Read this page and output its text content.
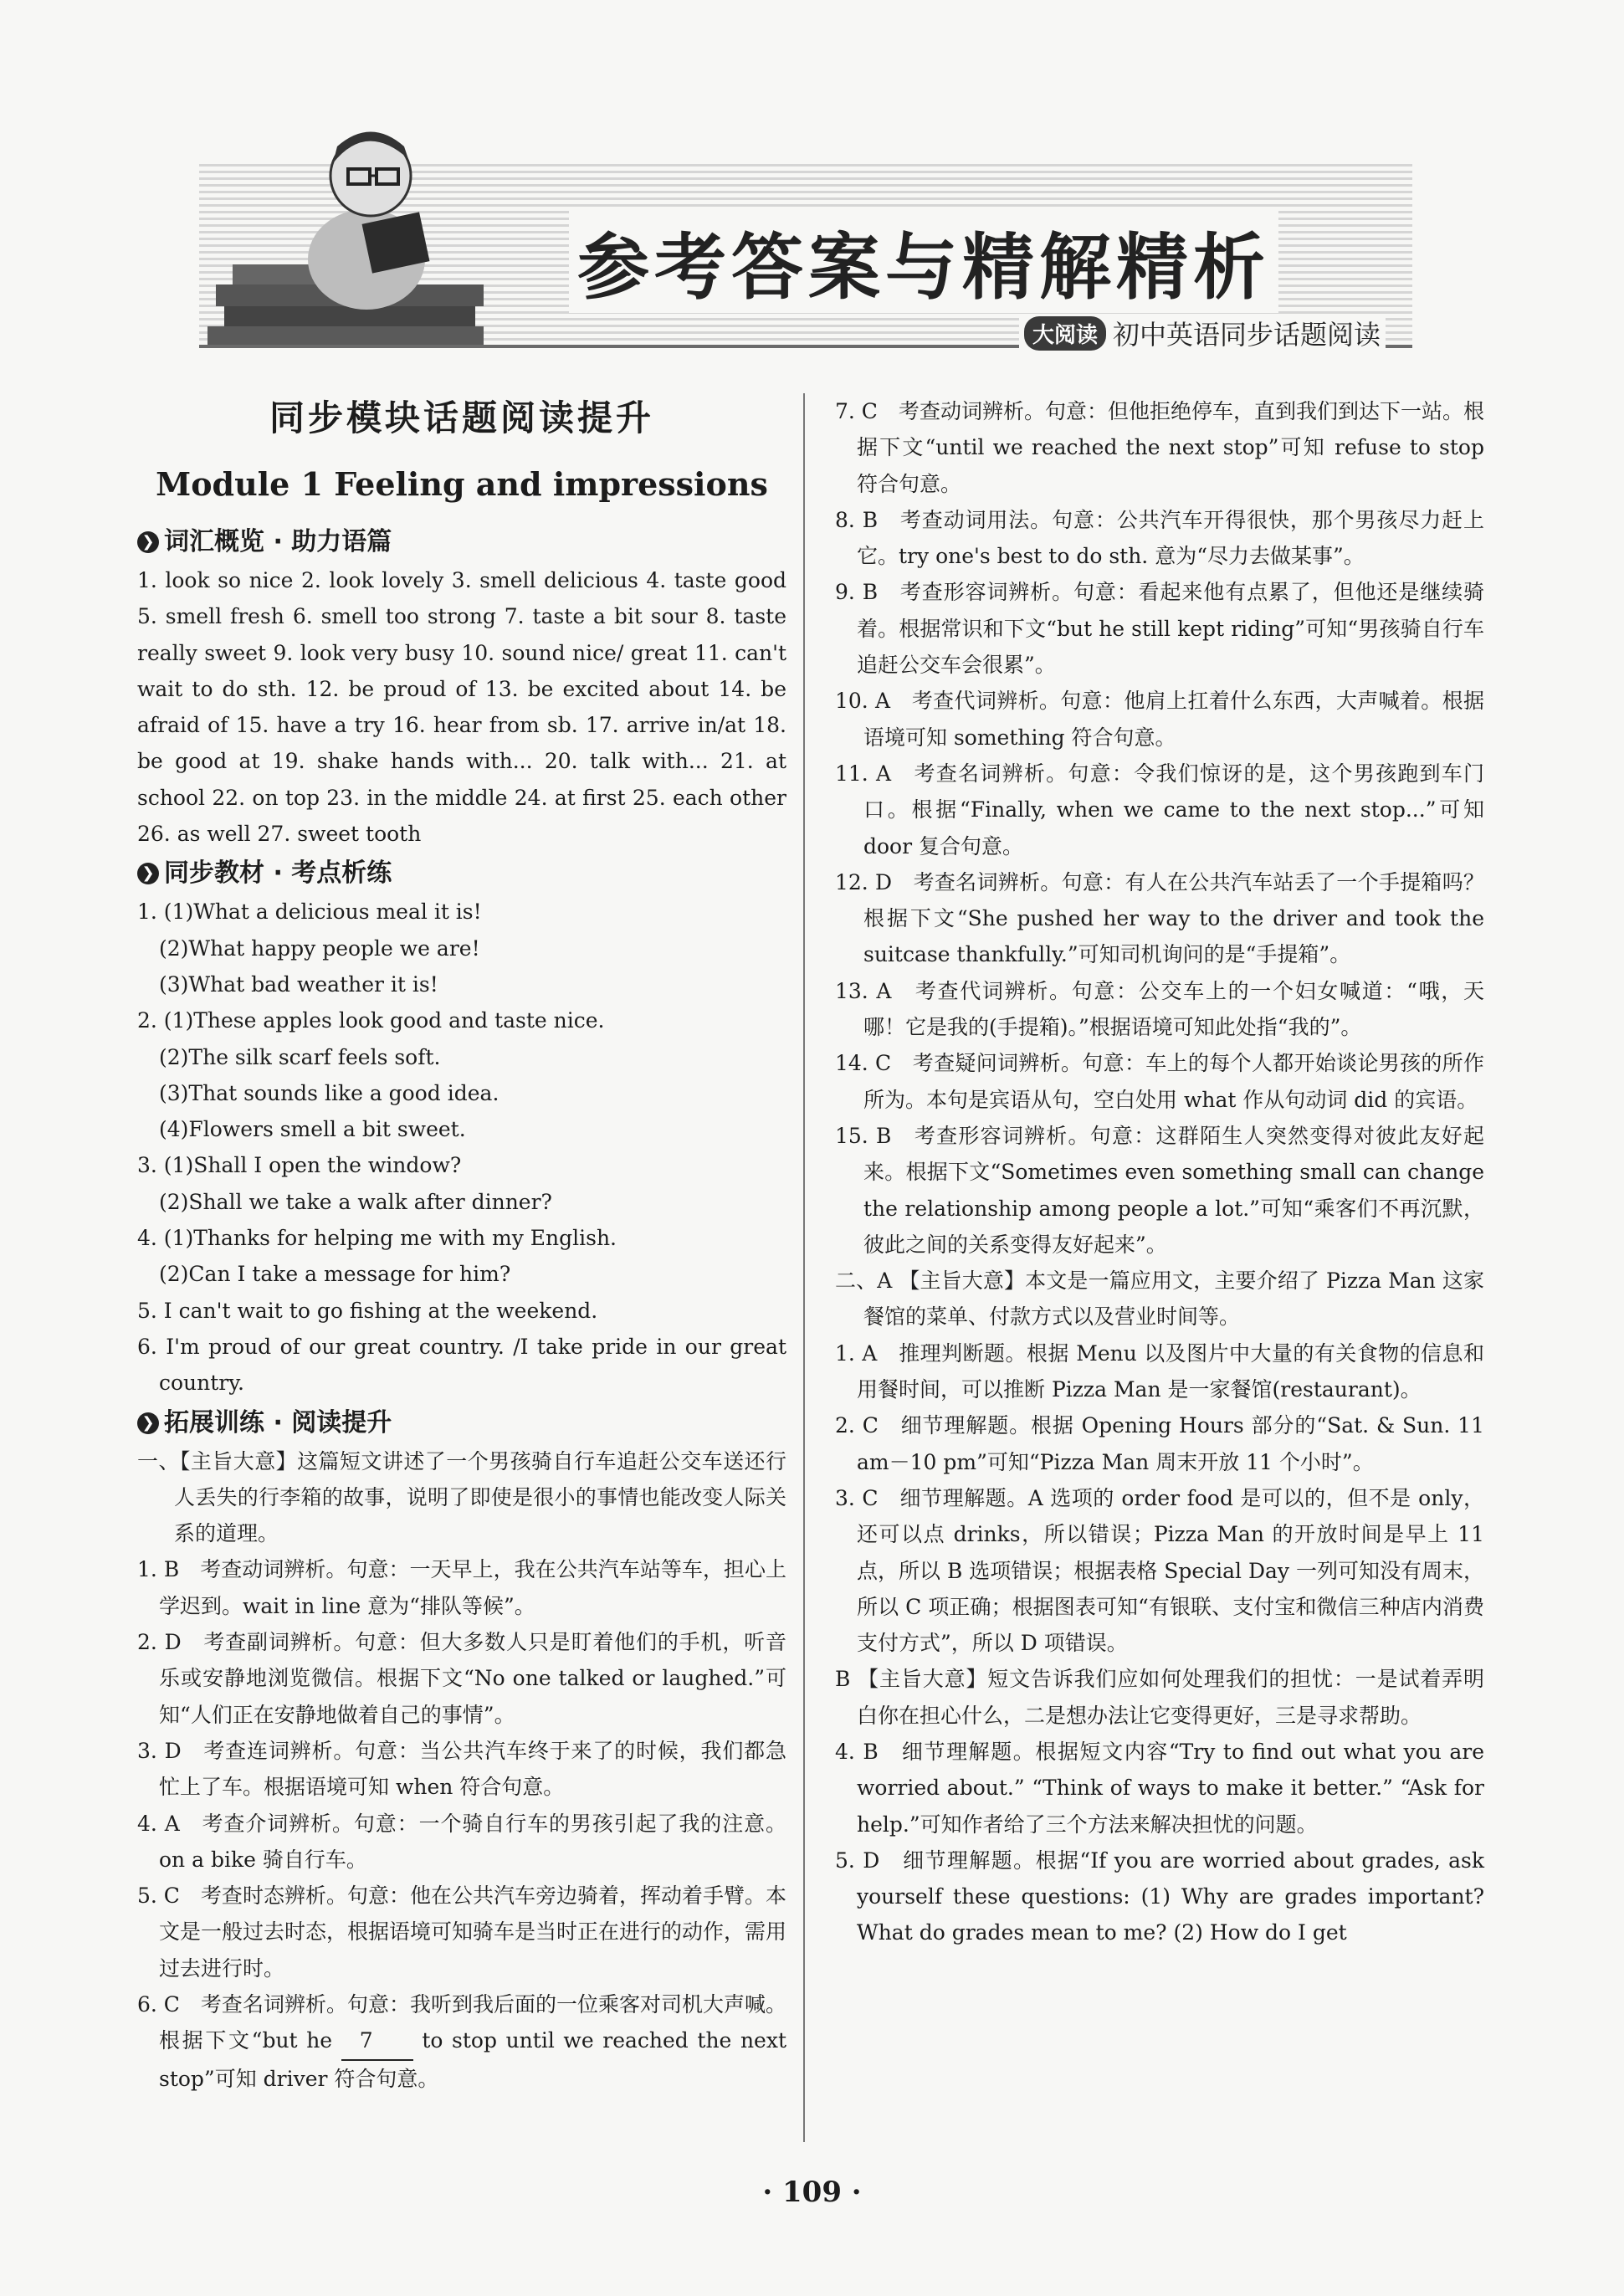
参考答案与精解精析
大阅读 初中英语同步话题阅读
同步模块话题阅读提升
Module 1 Feeling and impressions
❯ 词汇概览 · 助力语篇

1. look so nice 2. look lovely 3. smell delicious 4. taste good 5. smell fresh 6. smell too strong 7. taste a bit sour 8. taste really sweet 9. look very busy 10. sound nice/ great 11. can't wait to do sth. 12. be proud of 13. be excited about 14. be afraid of 15. have a try 16. hear from sb. 17. arrive in/at 18. be good at 19. shake hands with... 20. talk with... 21. at school 22. on top 23. in the middle 24. at first 25. each other 26. as well 27. sweet tooth

❯ 同步教材 · 考点析练

1. (1)What a delicious meal it is!

(2)What happy people we are!

(3)What bad weather it is!

2. (1)These apples look good and taste nice.

(2)The silk scarf feels soft.

(3)That sounds like a good idea.

(4)Flowers smell a bit sweet.

3. (1)Shall I open the window?

(2)Shall we take a walk after dinner?

4. (1)Thanks for helping me with my English.

(2)Can I take a message for him?

5. I can't wait to go fishing at the weekend.

6. I'm proud of our great country. /I take pride in our great country.

❯ 拓展训练 · 阅读提升

一、【主旨大意】这篇短文讲述了一个男孩骑自行车追赶公交车送还行人丢失的行李箱的故事，说明了即使是很小的事情也能改变人际关系的道理。

1. B　考查动词辨析。句意：一天早上，我在公共汽车站等车，担心上学迟到。wait in line 意为“排队等候”。

2. D　考查副词辨析。句意：但大多数人只是盯着他们的手机，听音乐或安静地浏览微信。根据下文“No one talked or laughed.”可知“人们正在安静地做着自己的事情”。

3. D　考查连词辨析。句意：当公共汽车终于来了的时候，我们都急忙上了车。根据语境可知 when 符合句意。

4. A　考查介词辨析。句意：一个骑自行车的男孩引起了我的注意。on a bike 骑自行车。

5. C　考查时态辨析。句意：他在公共汽车旁边骑着，挥动着手臂。本文是一般过去时态，根据语境可知骑车是当时正在进行的动作，需用过去进行时。

6. C　考查名词辨析。句意：我听到我后面的一位乘客对司机大声喊。根据下文“but he 7 to stop until we reached the next stop”可知 driver 符合句意。

7. C　考查动词辨析。句意：但他拒绝停车，直到我们到达下一站。根据下文“until we reached the next stop”可知 refuse to stop 符合句意。

8. B　考查动词用法。句意：公共汽车开得很快，那个男孩尽力赶上它。try one's best to do sth. 意为“尽力去做某事”。

9. B　考查形容词辨析。句意：看起来他有点累了，但他还是继续骑着。根据常识和下文“but he still kept riding”可知“男孩骑自行车追赶公交车会很累”。

10. A　考查代词辨析。句意：他肩上扛着什么东西，大声喊着。根据语境可知 something 符合句意。

11. A　考查名词辨析。句意：令我们惊讶的是，这个男孩跑到车门口。根据“Finally, when we came to the next stop...”可知 door 复合句意。

12. D　考查名词辨析。句意：有人在公共汽车站丢了一个手提箱吗？根据下文“She pushed her way to the driver and took the suitcase thankfully.”可知司机询问的是“手提箱”。

13. A　考查代词辨析。句意：公交车上的一个妇女喊道：“哦，天哪！它是我的(手提箱)。”根据语境可知此处指“我的”。

14. C　考查疑问词辨析。句意：车上的每个人都开始谈论男孩的所作所为。本句是宾语从句，空白处用 what 作从句动词 did 的宾语。

15. B　考查形容词辨析。句意：这群陌生人突然变得对彼此友好起来。根据下文“Sometimes even something small can change the relationship among people a lot.”可知“乘客们不再沉默，彼此之间的关系变得友好起来”。

二、A 【主旨大意】本文是一篇应用文，主要介绍了 Pizza Man 这家餐馆的菜单、付款方式以及营业时间等。

1. A　推理判断题。根据 Menu 以及图片中大量的有关食物的信息和用餐时间，可以推断 Pizza Man 是一家餐馆(restaurant)。

2. C　细节理解题。根据 Opening Hours 部分的“Sat. & Sun. 11 am－10 pm”可知“Pizza Man 周末开放 11 个小时”。

3. C　细节理解题。A 选项的 order food 是可以的，但不是 only，还可以点 drinks，所以错误；Pizza Man 的开放时间是早上 11 点，所以 B 选项错误；根据表格 Special Day 一列可知没有周末，所以 C 项正确；根据图表可知“有银联、支付宝和微信三种店内消费支付方式”，所以 D 项错误。

B 【主旨大意】短文告诉我们应如何处理我们的担忧：一是试着弄明白你在担心什么，二是想办法让它变得更好，三是寻求帮助。

4. B　细节理解题。根据短文内容“Try to find out what you are worried about.” “Think of ways to make it better.” “Ask for help.”可知作者给了三个方法来解决担忧的问题。

5. D　细节理解题。根据“If you are worried about grades, ask yourself these questions: (1) Why are grades important? What do grades mean to me? (2) How do I get

· 109 ·
